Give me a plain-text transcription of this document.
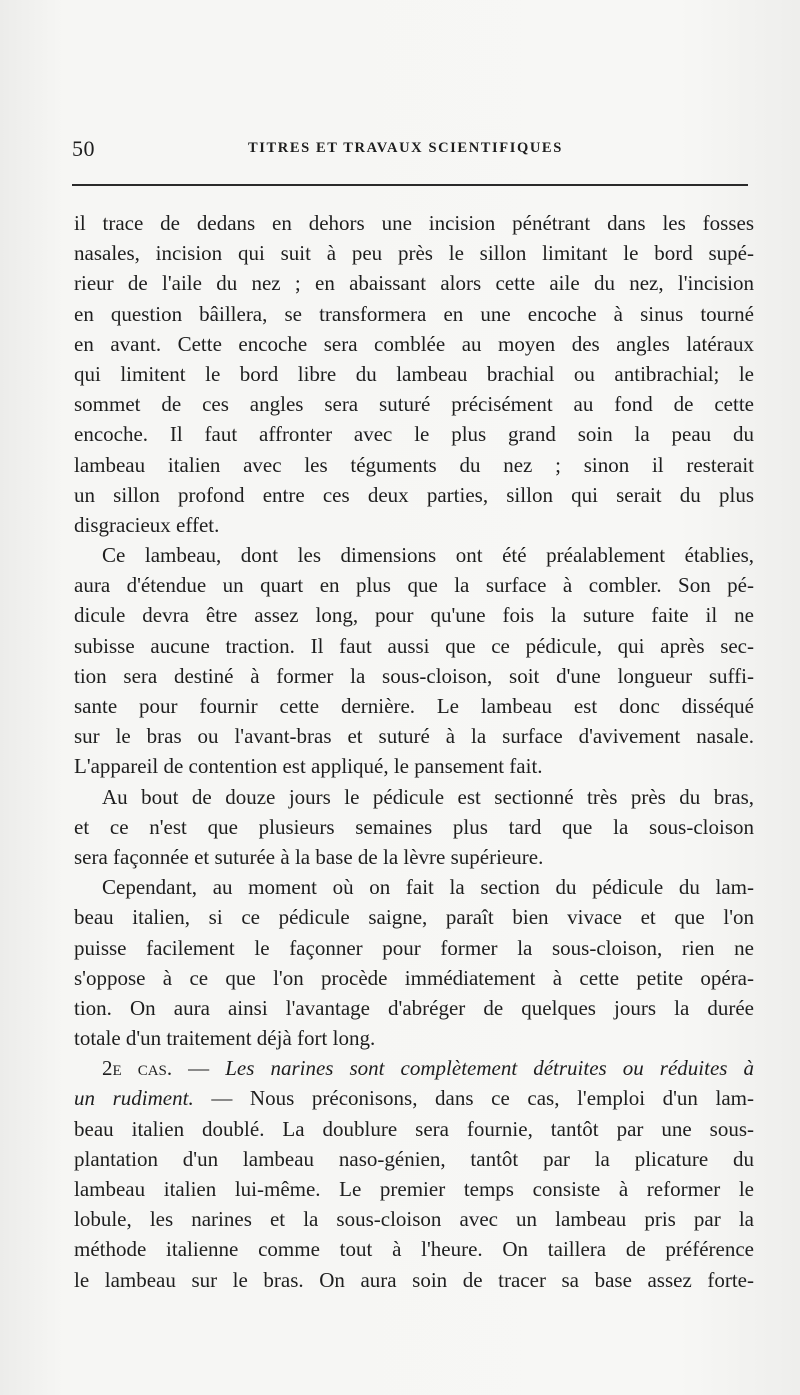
50	TITRES ET TRAVAUX SCIENTIFIQUES
il trace de dedans en dehors une incision pénétrant dans les fosses
nasales, incision qui suit à peu près le sillon limitant le bord supé-
rieur de l'aile du nez ; en abaissant alors cette aile du nez, l'incision
en question bâillera, se transformera en une encoche à sinus tourné
en avant. Cette encoche sera comblée au moyen des angles latéraux
qui limitent le bord libre du lambeau brachial ou antibrachial; le
sommet de ces angles sera suturé précisément au fond de cette
encoche. Il faut affronter avec le plus grand soin la peau du
lambeau italien avec les téguments du nez ; sinon il resterait
un sillon profond entre ces deux parties, sillon qui serait du plus
disgracieux effet.
Ce lambeau, dont les dimensions ont été préalablement établies,
aura d'étendue un quart en plus que la surface à combler. Son pé-
dicule devra être assez long, pour qu'une fois la suture faite il ne
subisse aucune traction. Il faut aussi que ce pédicule, qui après sec-
tion sera destiné à former la sous-cloison, soit d'une longueur suffi-
sante pour fournir cette dernière. Le lambeau est donc disséqué
sur le bras ou l'avant-bras et suturé à la surface d'avivement nasale.
L'appareil de contention est appliqué, le pansement fait.
Au bout de douze jours le pédicule est sectionné très près du bras,
et ce n'est que plusieurs semaines plus tard que la sous-cloison
sera façonnée et suturée à la base de la lèvre supérieure.
Cependant, au moment où on fait la section du pédicule du lam-
beau italien, si ce pédicule saigne, paraît bien vivace et que l'on
puisse facilement le façonner pour former la sous-cloison, rien ne
s'oppose à ce que l'on procède immédiatement à cette petite opéra-
tion. On aura ainsi l'avantage d'abréger de quelques jours la durée
totale d'un traitement déjà fort long.
2e cas. — Les narines sont complètement détruites ou réduites à
un rudiment. — Nous préconisons, dans ce cas, l'emploi d'un lam-
beau italien doublé. La doublure sera fournie, tantôt par une sous-
plantation d'un lambeau naso-génien, tantôt par la plicature du
lambeau italien lui-même. Le premier temps consiste à reformer le
lobule, les narines et la sous-cloison avec un lambeau pris par la
méthode italienne comme tout à l'heure. On taillera de préférence
le lambeau sur le bras. On aura soin de tracer sa base assez forte-
